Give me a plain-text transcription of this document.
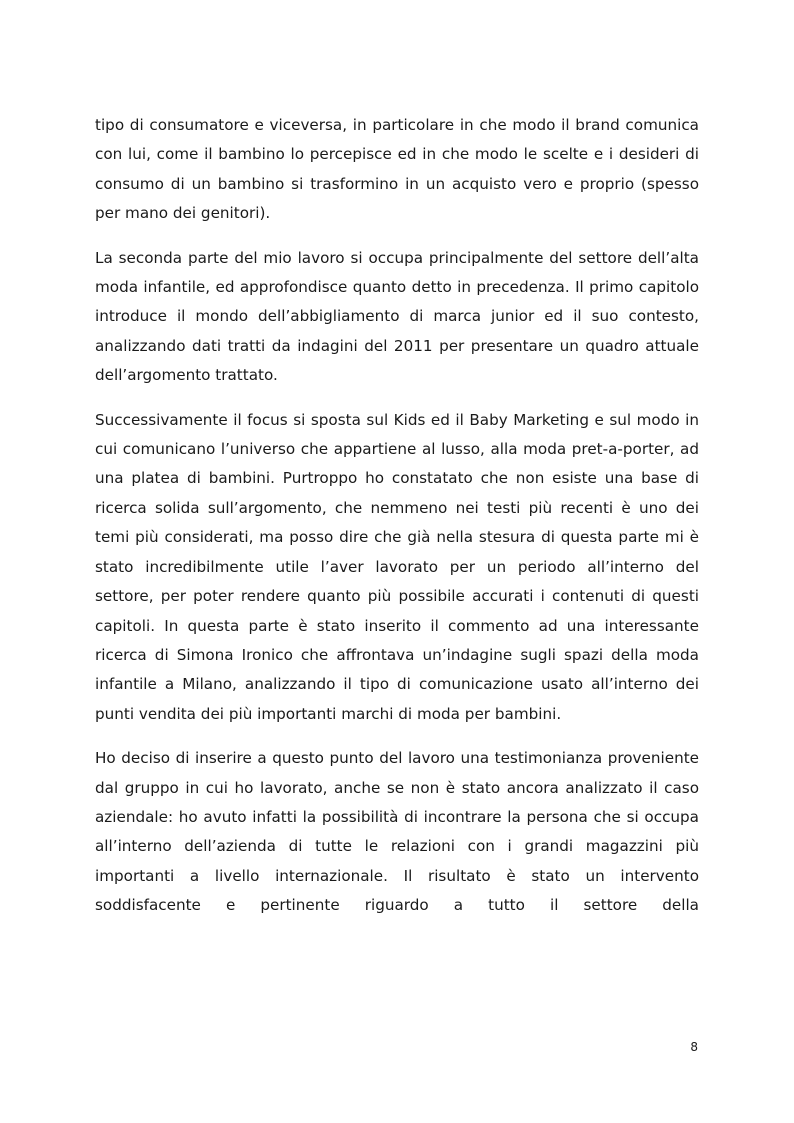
tipo di consumatore e viceversa, in particolare in che modo il brand comunica con lui, come il bambino lo percepisce ed in che modo le scelte e i desideri di consumo di un bambino si trasformino in un acquisto vero e proprio (spesso per mano dei genitori).

La seconda parte del mio lavoro si occupa principalmente del settore dell’alta moda infantile, ed approfondisce quanto detto in precedenza. Il primo capitolo introduce il mondo dell’abbigliamento di marca junior ed il suo contesto, analizzando dati tratti da indagini del 2011 per presentare un quadro attuale dell’argomento trattato.

Successivamente il focus si sposta sul Kids ed il Baby Marketing e sul modo in cui comunicano l’universo che appartiene al lusso, alla moda pret-a-porter, ad una platea di bambini. Purtroppo ho constatato che non esiste una base di ricerca solida sull’argomento, che nemmeno nei testi più recenti è uno dei temi più considerati, ma posso dire che già nella stesura di questa parte mi è stato incredibilmente utile l’aver lavorato per un periodo all’interno del settore, per poter rendere quanto più possibile accurati i contenuti di questi capitoli. In questa parte è stato inserito il commento ad una interessante ricerca di Simona Ironico che affrontava un’indagine sugli spazi della moda infantile a Milano, analizzando il tipo di comunicazione usato all’interno dei punti vendita dei più importanti marchi di moda per bambini.

Ho deciso di inserire a questo punto del lavoro una testimonianza proveniente dal gruppo in cui ho lavorato, anche se non è stato ancora analizzato il caso aziendale: ho avuto infatti la possibilità di incontrare la persona che si occupa all’interno dell’azienda di tutte le relazioni con i grandi magazzini più importanti a livello internazionale. Il risultato è stato un intervento soddisfacente e pertinente riguardo a tutto il settore della

8
